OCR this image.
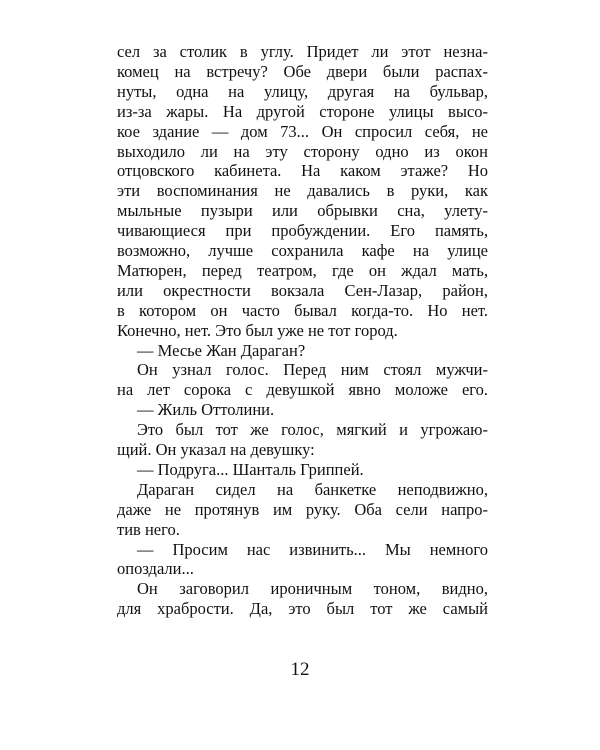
сел за столик в углу. Придет ли этот незна-
комец на встречу? Обе двери были распах-
нуты, одна на улицу, другая на бульвар,
из-за жары. На другой стороне улицы высо-
кое здание — дом 73... Он спросил себя, не
выходило ли на эту сторону одно из окон
отцовского кабинета. На каком этаже? Но
эти воспоминания не давались в руки, как
мыльные пузыри или обрывки сна, улету-
чивающиеся при пробуждении. Его память,
возможно, лучше сохранила кафе на улице
Матюрен, перед театром, где он ждал мать,
или окрестности вокзала Сен-Лазар, район,
в котором он часто бывал когда-то. Но нет.
Конечно, нет. Это был уже не тот город.
— Месье Жан Дараган?
Он узнал голос. Перед ним стоял мужчи-
на лет сорока с девушкой явно моложе его.
— Жиль Оттолини.
Это был тот же голос, мягкий и угрожаю-
щий. Он указал на девушку:
— Подруга... Шанталь Гриппей.
Дараган сидел на банкетке неподвижно,
даже не протянув им руку. Оба сели напро-
тив него.
— Просим нас извинить... Мы немного
опоздали...
Он заговорил ироничным тоном, видно,
для храбрости. Да, это был тот же самый
12
